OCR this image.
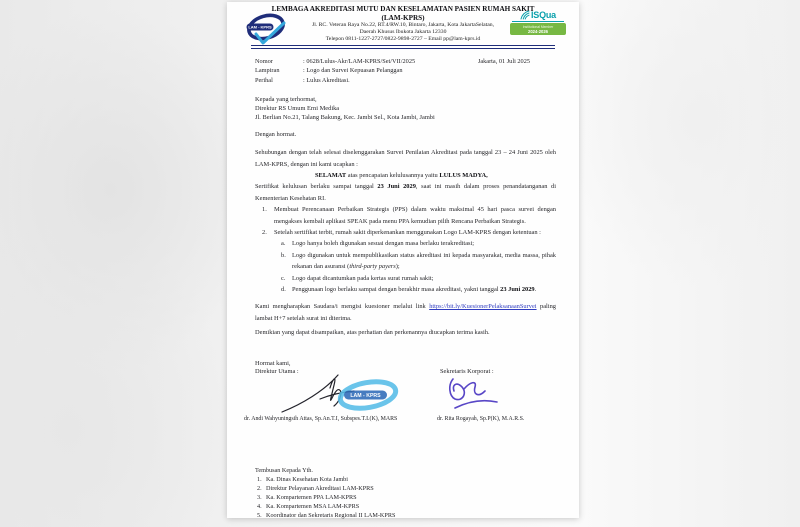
LAM - KPRS
LEMBAGA AKREDITASI MUTU DAN KESELAMATAN PASIEN RUMAH SAKIT
(LAM-KPRS)
Jl. RC. Veteran Raya No.22, RT.4/RW.10, Bintaro, Jakarta, Kota JakartaSelatan,
Daerah Khusus Ibukota Jakarta 12330
Telepon 0811-1227-2727/0822-9898-2727 – Email pp@lam-kprs.id
ISQua
Institutional Member
2024-2026
Nomor	: 0628/Lulus-Akr/LAM-KPRS/Set/VII/2025
Lampiran	: Logo dan Survei Kepuasan Pelanggan
Perihal	: Lulus Akreditasi.
Jakarta, 01 Juli 2025
Kepada yang terhormat,
Direktur RS Umum Erni Medika
Jl. Berlian No.21, Talang Bakung, Kec. Jambi Sel., Kota Jambi, Jambi
Dengan hormat.
Sehubungan dengan telah selesai diselenggarakan Survei Penilaian Akreditasi pada tanggal 23 – 24 Juni 2025 oleh LAM-KPRS, dengan ini kami ucapkan :
SELAMAT atas pencapaian kelulusannya yaitu LULUS MADYA,
Sertifikat kelulusan berlaku sampai tanggal 23 Juni 2029, saat ini masih dalam proses penandatanganan di Kementerian Kesehatan RI.
1.	Membuat Perencanaan Perbaikan Strategis (PPS) dalam waktu maksimal 45 hari pasca survei dengan mengakses kembali aplikasi SPEAK pada menu PPA kemudian pilih Rencana Perbaikan Strategis.
2.	Setelah sertifikat terbit, rumah sakit diperkenankan menggunakan Logo LAM-KPRS dengan ketentuan :
a.	Logo hanya boleh digunakan sesuai dengan masa berlaku terakreditasi;
b. Logo digunakan untuk mempublikasikan status akreditasi ini kepada masyarakat, media massa, pihak rekanan dan asuransi (third-party payers);
c.	Logo dapat dicantumkan pada kertas surat rumah sakit;
d. Penggunaan logo berlaku sampai dengan berakhir masa akreditasi, yakni tanggal 23 Juni 2029.
Kami mengharapkan Saudara/i mengisi kuesioner melalui link https://bit.ly/KuesionerPelaksanaanSurvei paling lambat H+7 setelah surat ini diterima.
Demikian yang dapat disampaikan, atas perhatian dan perkenannya diucapkan terima kasih.
Hormat kami,
Direktur Utama :	Sekretaris Korporat :
LAM - KPRS
dr. Andi Wahyuningsih Attas, Sp.An.T.I, Subspes.T.I.(K), MARS	dr. Rita Rogayah, Sp.P(K), M.A.R.S.
Tembusan Kepada Yth.
1. Ka. Dinas Kesehatan Kota Jambi
2. Direktur Pelayanan Akreditasi LAM-KPRS
3. Ka. Kompartemen PPA LAM-KPRS
4. Ka. Kompartemen MSA LAM-KPRS
5. Koordinator dan Sekretaris Regional II LAM-KPRS
